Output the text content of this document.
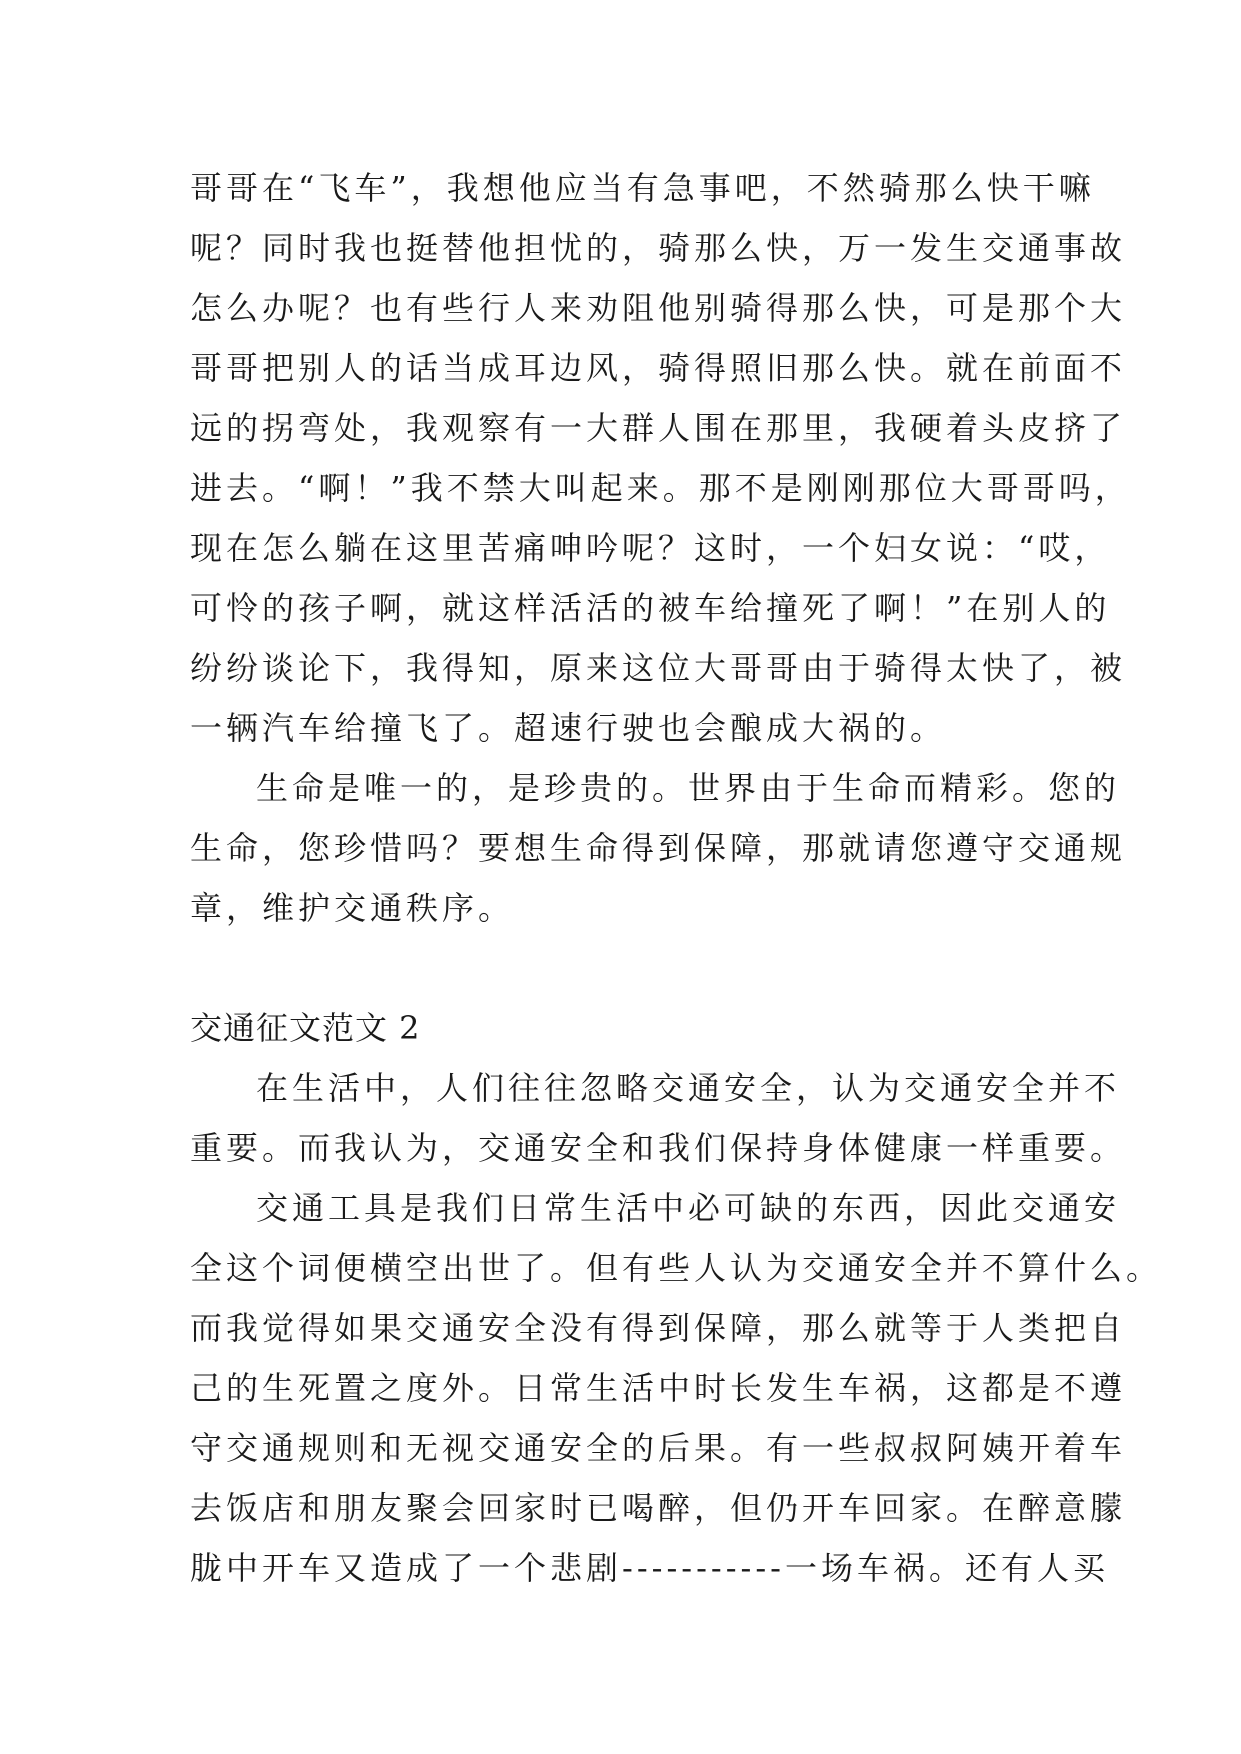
哥哥在“飞车”，我想他应当有急事吧，不然骑那么快干嘛
呢？同时我也挺替他担忧的，骑那么快，万一发生交通事故
怎么办呢？也有些行人来劝阻他别骑得那么快，可是那个大
哥哥把别人的话当成耳边风，骑得照旧那么快。就在前面不
远的拐弯处，我观察有一大群人围在那里，我硬着头皮挤了
进去。“啊！”我不禁大叫起来。那不是刚刚那位大哥哥吗，
现在怎么躺在这里苦痛呻吟呢？这时，一个妇女说：“哎，
可怜的孩子啊，就这样活活的被车给撞死了啊！”在别人的
纷纷谈论下，我得知，原来这位大哥哥由于骑得太快了，被
一辆汽车给撞飞了。超速行驶也会酿成大祸的。
生命是唯一的，是珍贵的。世界由于生命而精彩。您的
生命，您珍惜吗？要想生命得到保障，那就请您遵守交通规
章，维护交通秩序。
交通征文范文 2
在生活中，人们往往忽略交通安全，认为交通安全并不
重要。而我认为，交通安全和我们保持身体健康一样重要。
交通工具是我们日常生活中必可缺的东西，因此交通安
全这个词便横空出世了。但有些人认为交通安全并不算什么。
而我觉得如果交通安全没有得到保障，那么就等于人类把自
己的生死置之度外。日常生活中时长发生车祸，这都是不遵
守交通规则和无视交通安全的后果。有一些叔叔阿姨开着车
去饭店和朋友聚会回家时已喝醉，但仍开车回家。在醉意朦
胧中开车又造成了一个悲剧-----------一场车祸。还有人买
